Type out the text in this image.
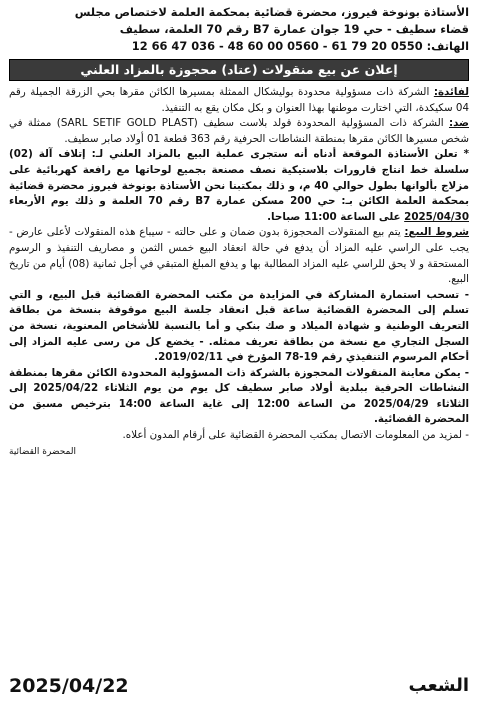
الأستاذة بونوخة فيروز، محضرة قضائية بمحكمة العلمة لاختصاص مجلس

قضاء سطيف - حي 19 جوان عمارة B7 رقم 70 العلمة، سطيف

الهاتف: 12 66 47 036 - 48 60 00 0560 - 61 79 20 0550

إعلان عن بيع منقولات (عتاد) محجوزة بالمزاد العلني

لفائدة: الشركة ذات مسؤولية محدودة بوليشكال الممثلة بمسيرها الكائن مقرها بحي الزرقة الجميلة رقم 04 سكيكدة، التي اختارت موطنها بهذا العنوان و بكل مكان يقع به التنفيذ.

ضد: الشركة ذات المسؤولية المحدودة قولد بلاست سطيف (SARL SETIF GOLD PLAST) ممثلة في شخص مسيرها الكائن مقرها بمنطقة النشاطات الحرفية رقم 363 قطعة 01 أولاد صابر سطيف.

* تعلن الأستاذة الموقعة أدناه أنه ستجرى عملية البيع بالمزاد العلني لـ: إتلاف آلة (02) سلسلة خط انتاج قارورات بلاستيكية نصف مصنعة بجميع لوحاتها مع رافعة كهربائية على مزلاج بألوانها بطول حوالي 40 م، و ذلك بمكتبنا نحن الأستاذة بونوخة فيروز محضرة قضائية بمحكمة العلمة الكائن بـ: حي 200 مسكن عمارة B7 رقم 70 العلمة و ذلك يوم الأربعاء 2025/04/30 على الساعة 11:00 صباحا.

شروط البيع: يتم بيع المنقولات المحجوزة بدون ضمان و على حالته - سيباع هذه المنقولات لأعلى عارض - يجب على الراسي عليه المزاد أن يدفع في حالة انعقاد البيع خمس الثمن و مصاريف التنفيذ و الرسوم المستحقة و لا يحق للراسي عليه المزاد المطالبة بها و يدفع المبلغ المتبقي في أجل ثمانية (08) أيام من تاريخ البيع.

- تسحب استمارة المشاركة في المزايدة من مكتب المحضرة القضائية قبل البيع، و التي تسلم إلى المحضرة القضائية ساعة قبل انعقاد جلسة البيع موقوفة بنسخة من بطاقة التعريف الوطنية و شهادة الميلاد و صك بنكي و أما بالنسبة للأشخاص المعنوية، نسخة من السجل التجاري مع نسخة من بطاقة تعريف ممثله. - يخضع كل من رسى عليه المزاد إلى أحكام المرسوم التنفيذي رقم 19-78 المؤرخ في 2019/02/11.

- يمكن معاينة المنقولات المحجوزة بالشركة ذات المسؤولية المحدودة الكائن مقرها بمنطقة النشاطات الحرفية ببلدية أولاد صابر سطيف كل يوم من يوم الثلاثاء 2025/04/22 إلى الثلاثاء 2025/04/29 من الساعة 12:00 إلى غاية الساعة 14:00 بترخيص مسبق من المحضرة القضائية.

- لمزيد من المعلومات الاتصال بمكتب المحضرة القضائية على أرقام المدون أعلاه.

المحضرة القضائية
2025/04/22	الشعب
